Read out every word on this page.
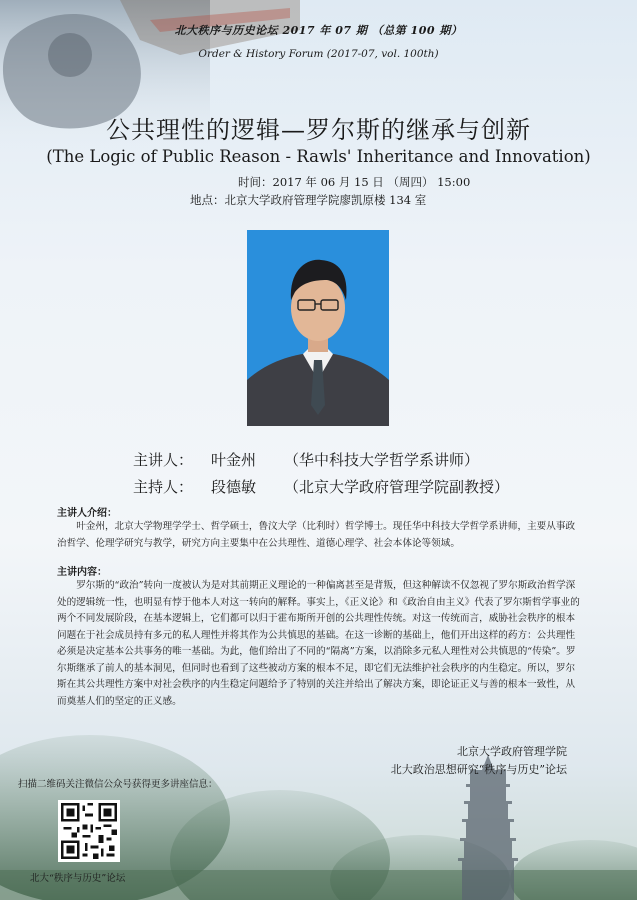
北大秩序与历史论坛 2017 年 07 期 （总第 100 期）
Order & History Forum (2017-07, vol. 100th)
公共理性的逻辑—罗尔斯的继承与创新
(The Logic of Public Reason - Rawls' Inheritance and Innovation)
时间：2017 年 06 月 15 日 （周四） 15:00
地点：北京大学政府管理学院廖凯原楼 134 室
主讲人： 叶金州 （华中科技大学哲学系讲师）
主持人： 段德敏 （北京大学政府管理学院副教授）
主讲人介绍：

叶金州，北京大学物理学学士、哲学硕士，鲁汶大学（比利时）哲学博士。现任华中科技大学哲学系讲师，主要从事政治哲学、伦理学研究与教学，研究方向主要集中在公共理性、道德心理学、社会本体论等领域。

主讲内容：

罗尔斯的“政治”转向一度被认为是对其前期正义理论的一种偏离甚至是背叛，但这种解读不仅忽视了罗尔斯政治哲学深处的逻辑统一性，也明显有悖于他本人对这一转向的解释。事实上，《正义论》和《政治自由主义》代表了罗尔斯哲学事业的两个不同发展阶段，在基本逻辑上，它们都可以归于霍布斯所开创的公共理性传统。对这一传统而言，威胁社会秩序的根本问题在于社会成员持有多元的私人理性并将其作为公共慎思的基础。在这一诊断的基础上，他们开出这样的药方：公共理性必须是决定基本公共事务的唯一基础。为此，他们给出了不同的“隔离”方案，以消除多元私人理性对公共慎思的“传染”。罗尔斯继承了前人的基本洞见，但同时也看到了这些被动方案的根本不足，即它们无法维护社会秩序的内生稳定。所以，罗尔斯在其公共理性方案中对社会秩序的内生稳定问题给予了特别的关注并给出了解决方案，即论证正义与善的根本一致性，从而奠基人们的坚定的正义感。

北京大学政府管理学院
北大政治思想研究“秩序与历史”论坛
扫描二维码关注微信公众号获得更多讲座信息：
北大“秩序与历史”论坛
